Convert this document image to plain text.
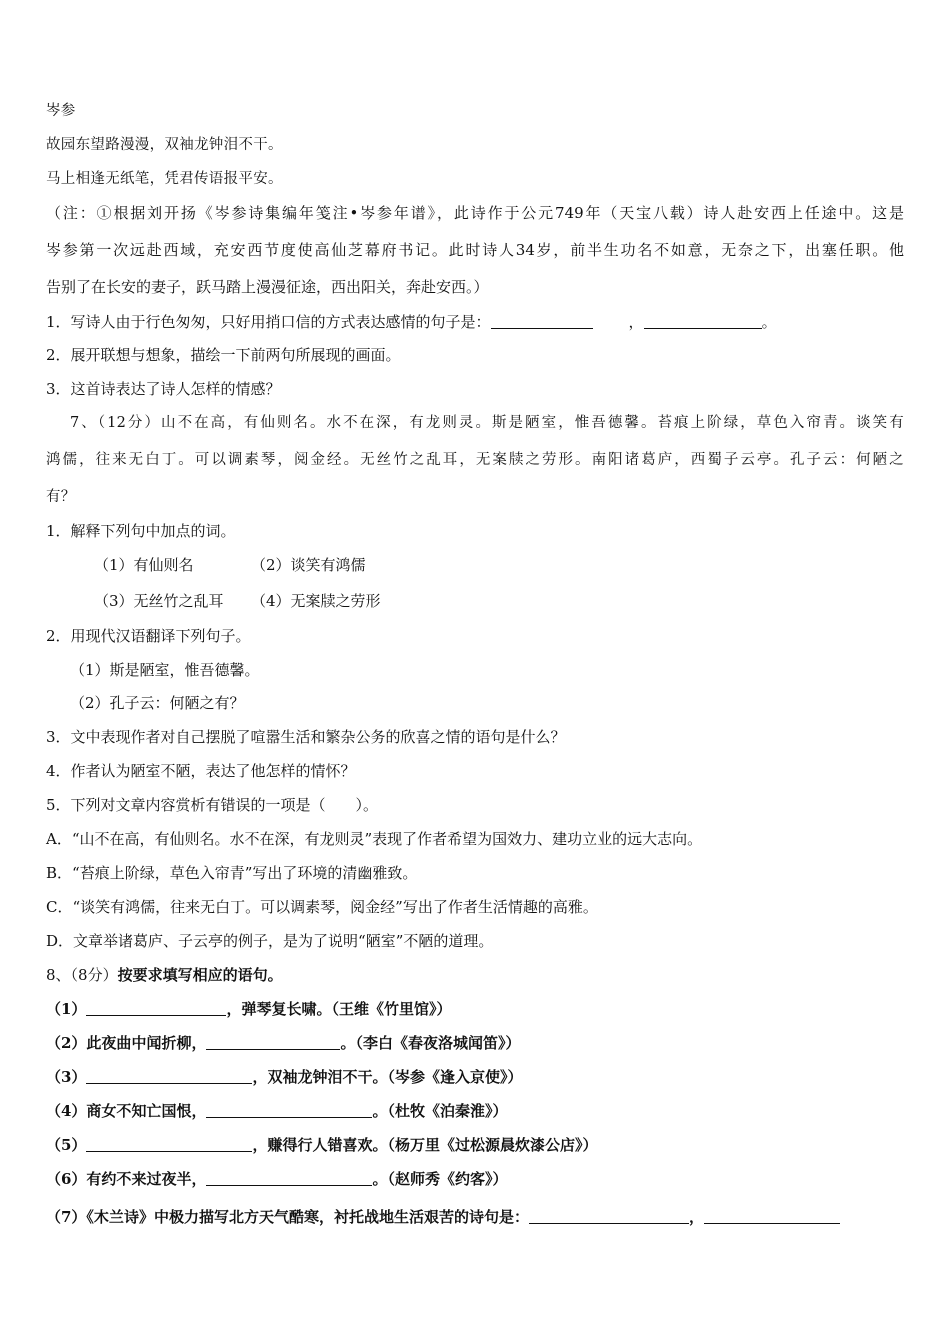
岑参
故园东望路漫漫，双袖龙钟泪不干。
马上相逢无纸笔，凭君传语报平安。
（注：①根据刘开扬《岑参诗集编年笺注•岑参年谱》，此诗作于公元749年（天宝八载）诗人赴安西上任途中。这是
岑参第一次远赴西域，充安西节度使高仙芝幕府书记。此时诗人34岁，前半生功名不如意，无奈之下，出塞任职。他
告别了在长安的妻子，跃马踏上漫漫征途，西出阳关，奔赴安西。）
1．写诗人由于行色匆匆，只好用捎口信的方式表达感情的句子是：	，	。
2．展开联想与想象，描绘一下前两句所展现的画面。
3．这首诗表达了诗人怎样的情感？
7、（12分）山不在高，有仙则名。水不在深，有龙则灵。斯是陋室，惟吾德馨。苔痕上阶绿，草色入帘青。谈笑有
鸿儒，往来无白丁。可以调素琴，阅金经。无丝竹之乱耳，无案牍之劳形。南阳诸葛庐，西蜀子云亭。孔子云：何陋之
有？
1．解释下列句中加点的词。
（1）有仙则名	（2）谈笑有鸿儒
（3）无丝竹之乱耳 （4）无案牍之劳形
2．用现代汉语翻译下列句子。
（1）斯是陋室，惟吾德馨。
（2）孔子云：何陋之有？
3．文中表现作者对自己摆脱了喧嚣生活和繁杂公务的欣喜之情的语句是什么？
4．作者认为陋室不陋，表达了他怎样的情怀？
5．下列对文章内容赏析有错误的一项是（　　）。
A．“山不在高，有仙则名。水不在深，有龙则灵”表现了作者希望为国效力、建功立业的远大志向。
B．“苔痕上阶绿，草色入帘青”写出了环境的清幽雅致。
C．“谈笑有鸿儒，往来无白丁。可以调素琴，阅金经”写出了作者生活情趣的高雅。
D．文章举诸葛庐、子云亭的例子，是为了说明“陋室”不陋的道理。
8、（8分）按要求填写相应的语句。
（1）	，弹琴复长啸。（王维《竹里馆》）
（2）此夜曲中闻折柳，	。（李白《春夜洛城闻笛》）
（3）	，双袖龙钟泪不干。（岑参《逢入京使》）
（4）商女不知亡国恨，	。（杜牧《泊秦淮》）
（5）	，赚得行人错喜欢。（杨万里《过松源晨炊漆公店》）
（6）有约不来过夜半，	。（赵师秀《约客》）
（7）《木兰诗》中极力描写北方天气酷寒，衬托战地生活艰苦的诗句是：	，
